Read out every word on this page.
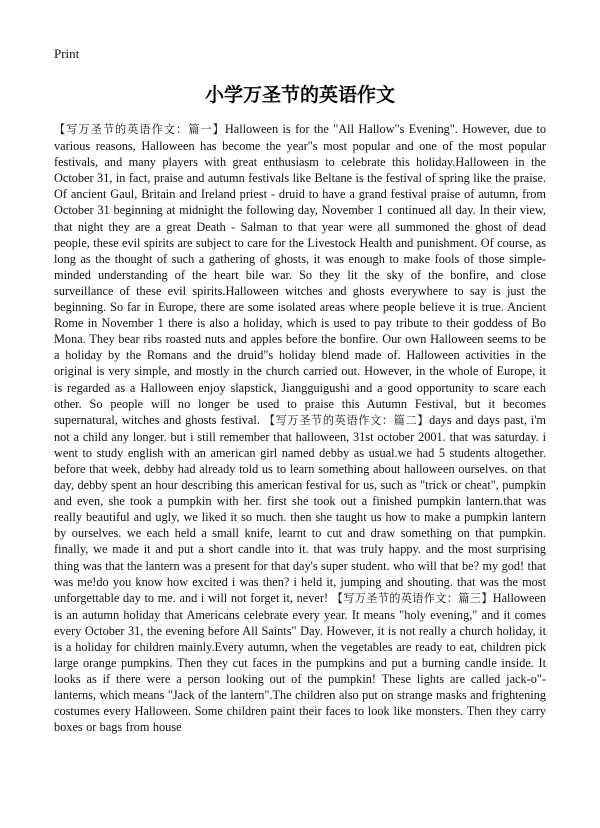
Print
小学万圣节的英语作文
【写万圣节的英语作文：篇一】Halloween is for the "All Hallow"s Evening". However, due to various reasons, Halloween has become the year"s most popular and one of the most popular festivals, and many players with great enthusiasm to celebrate this holiday.Halloween in the October 31, in fact, praise and autumn festivals like Beltane is the festival of spring like the praise. Of ancient Gaul, Britain and Ireland priest - druid to have a grand festival praise of autumn, from October 31 beginning at midnight the following day, November 1 continued all day. In their view, that night they are a great Death - Salman to that year were all summoned the ghost of dead people, these evil spirits are subject to care for the Livestock Health and punishment. Of course, as long as the thought of such a gathering of ghosts, it was enough to make fools of those simple-minded understanding of the heart bile war. So they lit the sky of the bonfire, and close surveillance of these evil spirits.Halloween witches and ghosts everywhere to say is just the beginning. So far in Europe, there are some isolated areas where people believe it is true. Ancient Rome in November 1 there is also a holiday, which is used to pay tribute to their goddess of Bo Mona. They bear ribs roasted nuts and apples before the bonfire. Our own Halloween seems to be a holiday by the Romans and the druid"s holiday blend made of. Halloween activities in the original is very simple, and mostly in the church carried out. However, in the whole of Europe, it is regarded as a Halloween enjoy slapstick, Jiangguigushi and a good opportunity to scare each other. So people will no longer be used to praise this Autumn Festival, but it becomes supernatural, witches and ghosts festival. 【写万圣节的英语作文：篇二】days and days past, i'm not a child any longer. but i still remember that halloween, 31st october 2001. that was saturday. i went to study english with an american girl named debby as usual.we had 5 students altogether. before that week, debby had already told us to learn something about halloween ourselves. on that day, debby spent an hour describing this american festival for us, such as "trick or cheat", pumpkin and even, she took a pumpkin with her. first she took out a finished pumpkin lantern.that was really beautiful and ugly, we liked it so much. then she taught us how to make a pumpkin lantern by ourselves. we each held a small knife, learnt to cut and draw something on that pumpkin. finally, we made it and put a short candle into it. that was truly happy. and the most surprising thing was that the lantern was a present for that day's super student. who will that be? my god! that was me!do you know how excited i was then? i held it, jumping and shouting. that was the most unforgettable day to me. and i will not forget it, never! 【写万圣节的英语作文：篇三】Halloween is an autumn holiday that Americans celebrate every year. It means "holy evening," and it comes every October 31, the evening before All Saints" Day. However, it is not really a church holiday, it is a holiday for children mainly.Every autumn, when the vegetables are ready to eat, children pick large orange pumpkins. Then they cut faces in the pumpkins and put a burning candle inside. It looks as if there were a person looking out of the pumpkin! These lights are called jack-o"-lanterns, which means "Jack of the lantern".The children also put on strange masks and frightening costumes every Halloween. Some children paint their faces to look like monsters. Then they carry boxes or bags from house
